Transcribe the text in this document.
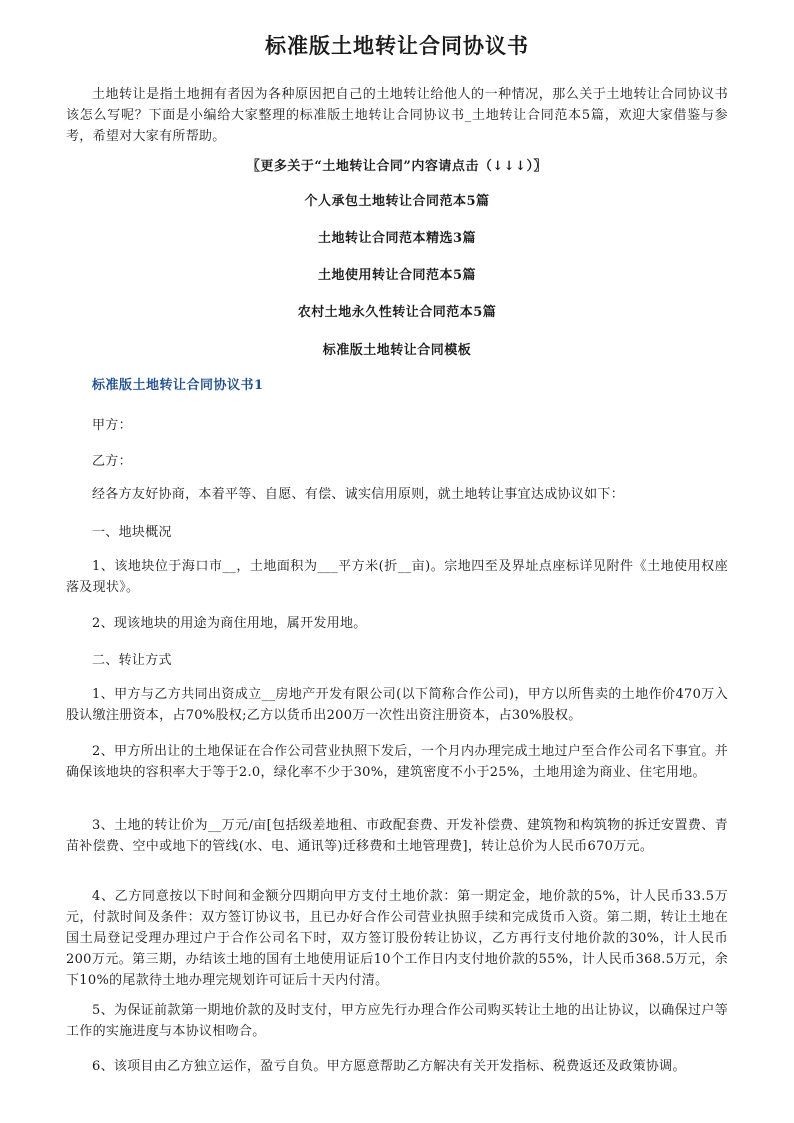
标准版土地转让合同协议书
土地转让是指土地拥有者因为各种原因把自己的土地转让给他人的一种情况，那么关于土地转让合同协议书该怎么写呢？下面是小编给大家整理的标准版土地转让合同协议书_土地转让合同范本5篇，欢迎大家借鉴与参考，希望对大家有所帮助。
〖更多关于“土地转让合同”内容请点击（↓↓↓）〗
个人承包土地转让合同范本5篇
土地转让合同范本精选3篇
土地使用转让合同范本5篇
农村土地永久性转让合同范本5篇
标准版土地转让合同模板
标准版土地转让合同协议书1
甲方：
乙方：
经各方友好协商，本着平等、自愿、有偿、诚实信用原则，就土地转让事宜达成协议如下：
一、地块概况
1、该地块位于海口市__，土地面积为___平方米(折__亩)。宗地四至及界址点座标详见附件《土地使用权座落及现状》。
2、现该地块的用途为商住用地，属开发用地。
二、转让方式
1、甲方与乙方共同出资成立__房地产开发有限公司(以下简称合作公司)，甲方以所售卖的土地作价470万入股认缴注册资本，占70%股权;乙方以货币出200万一次性出资注册资本，占30%股权。
2、甲方所出让的土地保证在合作公司营业执照下发后，一个月内办理完成土地过户至合作公司名下事宜。并确保该地块的容积率大于等于2.0，绿化率不少于30%，建筑密度不小于25%，土地用途为商业、住宅用地。
3、土地的转让价为__万元/亩[包括级差地租、市政配套费、开发补偿费、建筑物和构筑物的拆迁安置费、青苗补偿费、空中或地下的管线(水、电、通讯等)迁移费和土地管理费]，转让总价为人民币670万元。
4、乙方同意按以下时间和金额分四期向甲方支付土地价款：第一期定金，地价款的5%，计人民币33.5万元，付款时间及条件：双方签订协议书，且已办好合作公司营业执照手续和完成货币入资。第二期，转让土地在国土局登记受理办理过户于合作公司名下时，双方签订股份转让协议，乙方再行支付地价款的30%，计人民币200万元。第三期，办结该土地的国有土地使用证后10个工作日内支付地价款的55%，计人民币368.5万元，余下10%的尾款待土地办理完规划许可证后十天内付清。
5、为保证前款第一期地价款的及时支付，甲方应先行办理合作公司购买转让土地的出让协议，以确保过户等工作的实施进度与本协议相吻合。
6、该项目由乙方独立运作，盈亏自负。甲方愿意帮助乙方解决有关开发指标、税费返还及政策协调。
